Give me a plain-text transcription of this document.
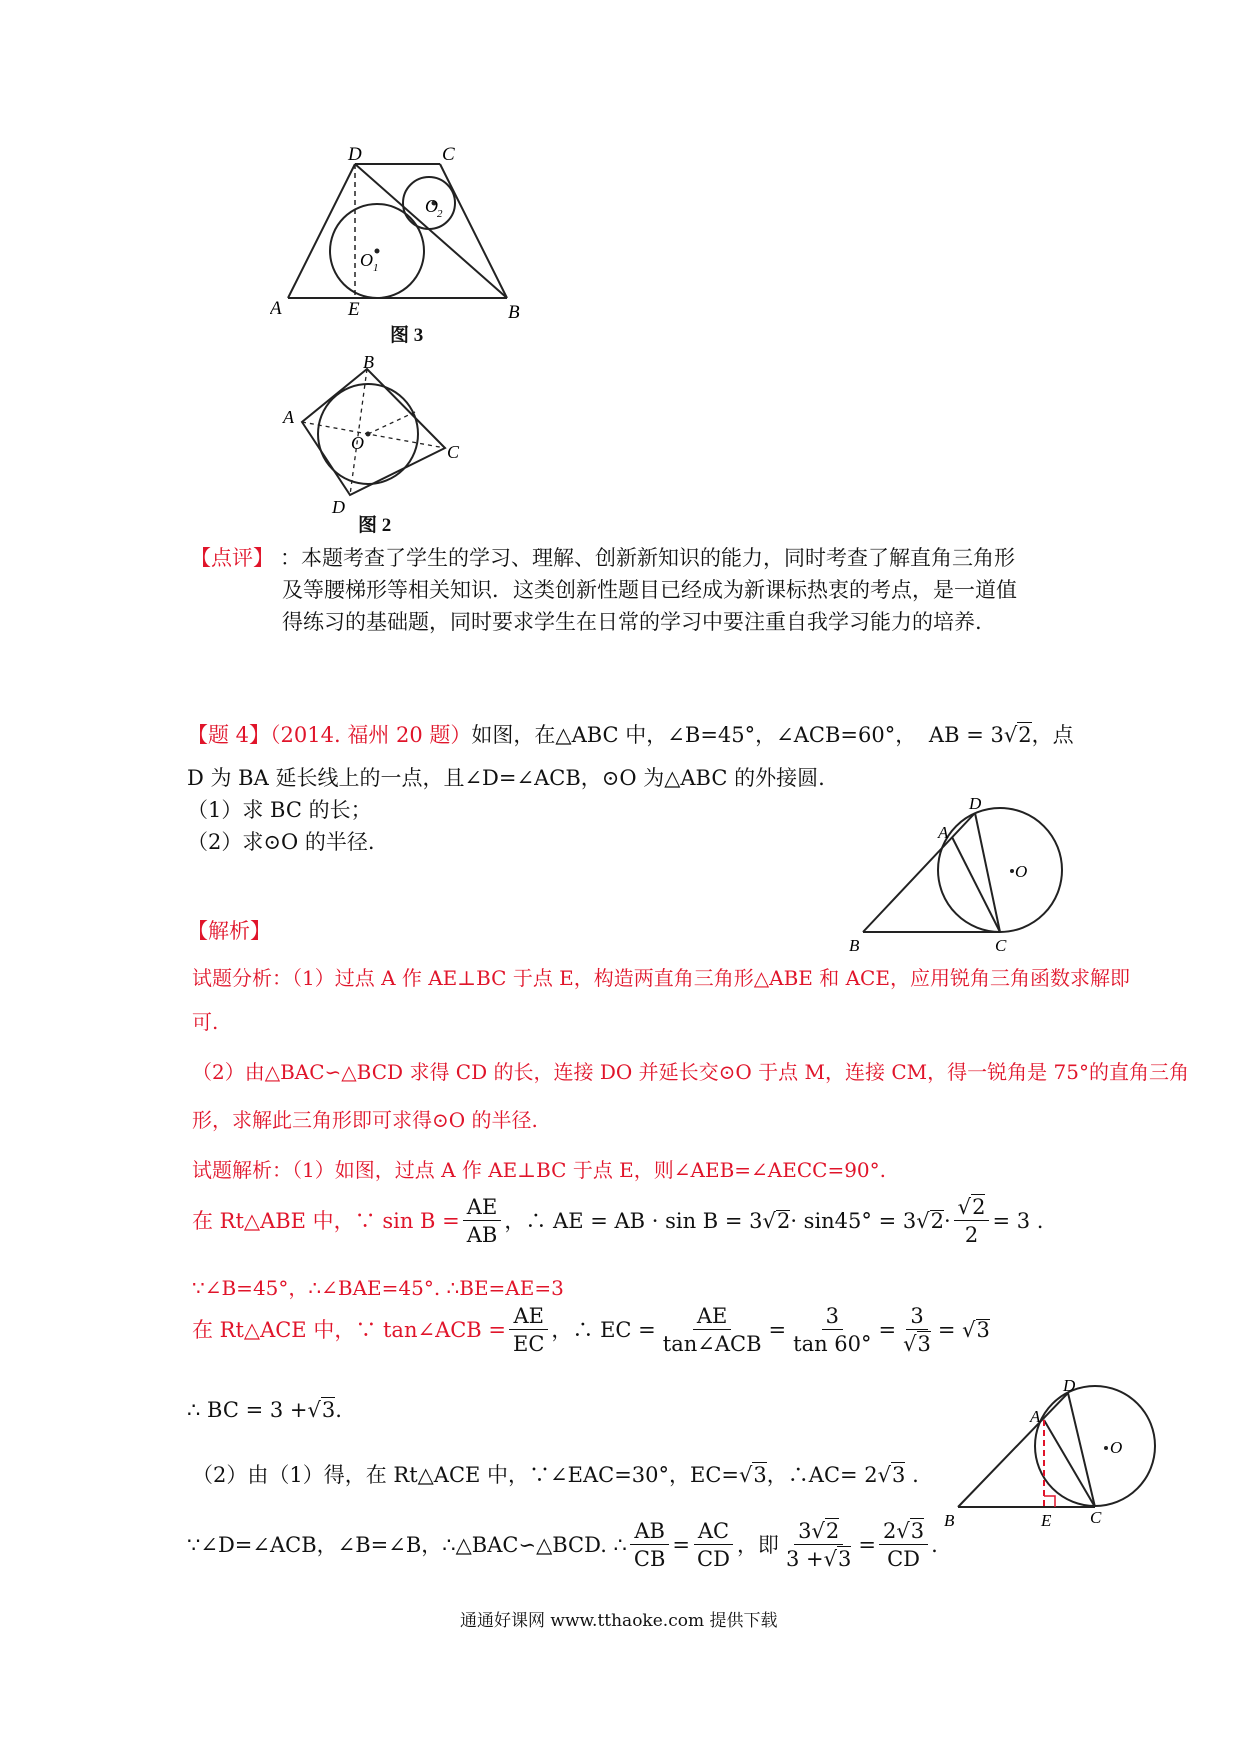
D	C
A	E	B
O 1
O 2
图 3
B
A
O	C
D
图 2
【点评】 ：本题考查了学生的学习、理解、创新新知识的能力，同时考查了解直角三角形
及等腰梯形等相关知识．这类创新性题目已经成为新课标热衷的考点，是一道值
得练习的基础题，同时要求学生在日常的学习中要注重自我学习能力的培养.
【题 4】（2014. 福州 20 题）如图，在△ABC 中，∠B=45°，∠ACB=60°， AB = 3√2，点
D 为 BA 延长线上的一点，且∠D=∠ACB，⊙O 为△ABC 的外接圆.
（1）求 BC 的长；
（2）求⊙O 的半径.
D
A
O
B	C
【解析】
试题分析：（1）过点 A 作 AE⊥BC 于点 E，构造两直角三角形△ABE 和 ACE，应用锐角三角函数求解即
可.
（2）由△BAC∽△BCD 求得 CD 的长，连接 DO 并延长交⊙O 于点 M，连接 CM，得一锐角是 75°的直角三角
形，求解此三角形即可求得⊙O 的半径.
试题解析：（1）如图，过点 A 作 AE⊥BC 于点 E，则∠AEB=∠AECC=90°.
在 Rt△ABE 中，∵ $\sin B = \frac{AE}{AB}$ ，∴ AE = AB · sin B = 3 √ 2 · sin45° = 3 √ $2 \cdot \frac{√2}{2} = 3$ .
∵∠B=45°，∴∠BAE=45°. ∴BE=AE=3
在 Rt△ACE 中，∵ tan∠ACB = $\frac{AE}{EC}$ ，∴ EC = $\frac{AE}{\text{tan∠ACB}} = \frac{3}{\tan 60^\circ} = \frac{3}{√3}$ = √ 3
∴ BC = 3 +√3.
（2）由（1）得，在 Rt△ACE 中，∵∠EAC=30°，EC=√3，∴AC= 2√3 .
∵∠D=∠ACB，∠B=∠B，∴△BAC∽△BCD. ∴ $\frac{AB}{CB} = \frac{AC}{CD}$ ，即 $\frac{3√2}{3 +√3} = \frac{2√3}{CD}$ .
D
A
O
B	E C
通通好课网 www.tthaoke.com 提供下载
